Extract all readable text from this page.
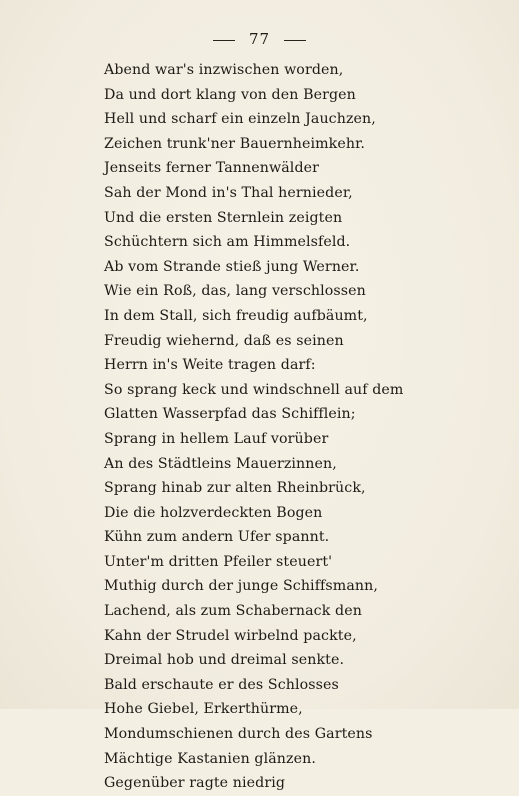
77
Abend war's inzwischen worden,
Da und dort klang von den Bergen
Hell und scharf ein einzeln Jauchzen,
Zeichen trunk'ner Bauernheimkehr.
Jenseits ferner Tannenwälder
Sah der Mond in's Thal hernieder,
Und die ersten Sternlein zeigten
Schüchtern sich am Himmelsfeld.
Ab vom Strande stieß jung Werner.
Wie ein Roß, das, lang verschlossen
In dem Stall, sich freudig aufbäumt,
Freudig wiehernd, daß es seinen
Herrn in's Weite tragen darf:
So sprang keck und windschnell auf dem
Glatten Wasserpfad das Schifflein;
Sprang in hellem Lauf vorüber
An des Städtleins Mauerzinnen,
Sprang hinab zur alten Rheinbrück,
Die die holzverdeckten Bogen
Kühn zum andern Ufer spannt.
Unter'm dritten Pfeiler steuert'
Muthig durch der junge Schiffsmann,
Lachend, als zum Schabernack den
Kahn der Strudel wirbelnd packte,
Dreimal hob und dreimal senkte.
Bald erschaute er des Schlosses
Hohe Giebel, Erkerthürme,
Mondumschienen durch des Gartens
Mächtige Kastanien glänzen.
Gegenüber ragte niedrig
